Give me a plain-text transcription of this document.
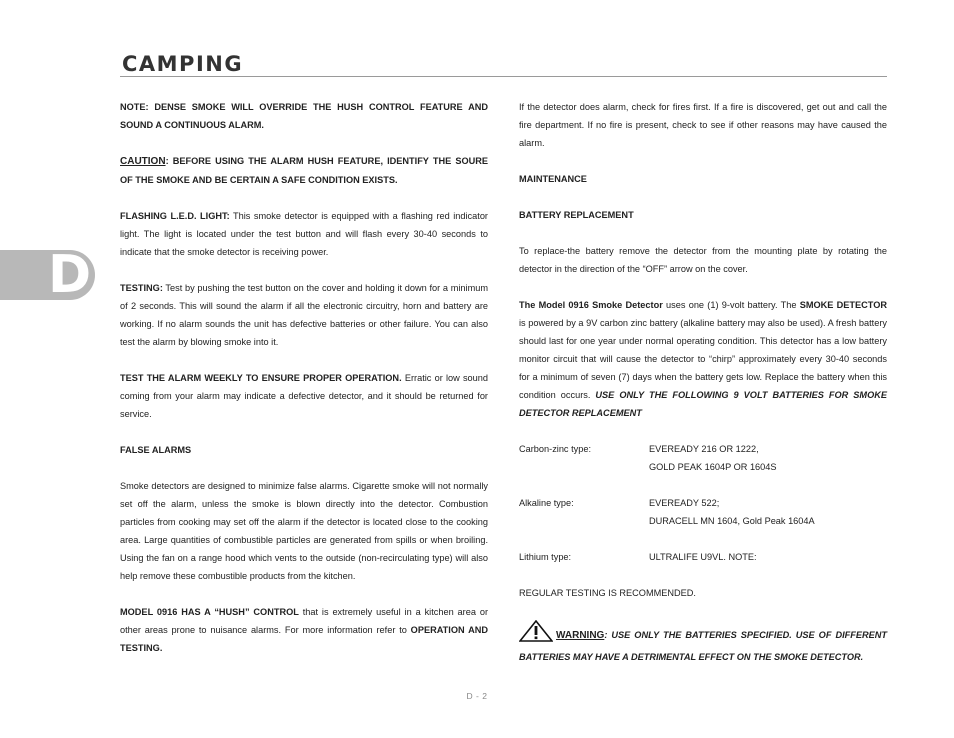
CAMPING
D

NOTE: DENSE SMOKE WILL OVERRIDE THE HUSH CONTROL FEATURE AND SOUND A CONTINUOUS ALARM.

CAUTION: BEFORE USING THE ALARM HUSH FEATURE, IDENTIFY THE SOURE OF THE SMOKE AND BE CERTAIN A SAFE CONDITION EXISTS.

FLASHING L.E.D. LIGHT: This smoke detector is equipped with a flashing red indicator light. The light is located under the test button and will flash every 30-40 seconds to indicate that the smoke detector is receiving power.

TESTING: Test by pushing the test button on the cover and holding it down for a minimum of 2 seconds. This will sound the alarm if all the electronic circuitry, horn and battery are working. If no alarm sounds the unit has defective batteries or other failure. You can also test the alarm by blowing smoke into it.

TEST THE ALARM WEEKLY TO ENSURE PROPER OPERATION. Erratic or low sound coming from your alarm may indicate a defective detector, and it should be returned for service.

FALSE ALARMS

Smoke detectors are designed to minimize false alarms. Cigarette smoke will not normally set off the alarm, unless the smoke is blown directly into the detector. Combustion particles from cooking may set off the alarm if the detector is located close to the cooking area. Large quantities of combustible particles are generated from spills or when broiling. Using the fan on a range hood which vents to the outside (non-recirculating type) will also help remove these combustible products from the kitchen.

MODEL 0916 HAS A “HUSH” CONTROL that is extremely useful in a kitchen area or other areas prone to nuisance alarms. For more information refer to OPERATION AND TESTING.

If the detector does alarm, check for fires first. If a fire is discovered, get out and call the fire department. If no fire is present, check to see if other reasons may have caused the alarm.

MAINTENANCE

BATTERY REPLACEMENT

To replace-the battery remove the detector from the mounting plate by rotating the detector in the direction of the “OFF” arrow on the cover.

The Model 0916 Smoke Detector uses one (1) 9-volt battery. The SMOKE DETECTOR is powered by a 9V carbon zinc battery (alkaline battery may also be used). A fresh battery should last for one year under normal operating condition. This detector has a low battery monitor circuit that will cause the detector to “chirp” approximately every 30-40 seconds for a minimum of seven (7) days when the battery gets low. Replace the battery when this condition occurs. USE ONLY THE FOLLOWING 9 VOLT BATTERIES FOR SMOKE DETECTOR REPLACEMENT

Carbon-zinc type:	EVEREADY 216 OR 1222,
GOLD PEAK 1604P OR 1604S
Alkaline type:	EVEREADY 522;
DURACELL MN 1604, Gold Peak 1604A
Lithium type:	ULTRALIFE U9VL. NOTE:

REGULAR TESTING IS RECOMMENDED.

WARNING: USE ONLY THE BATTERIES SPECIFIED. USE OF DIFFERENT BATTERIES MAY HAVE A DETRIMENTAL EFFECT ON THE SMOKE DETECTOR.

D - 2
